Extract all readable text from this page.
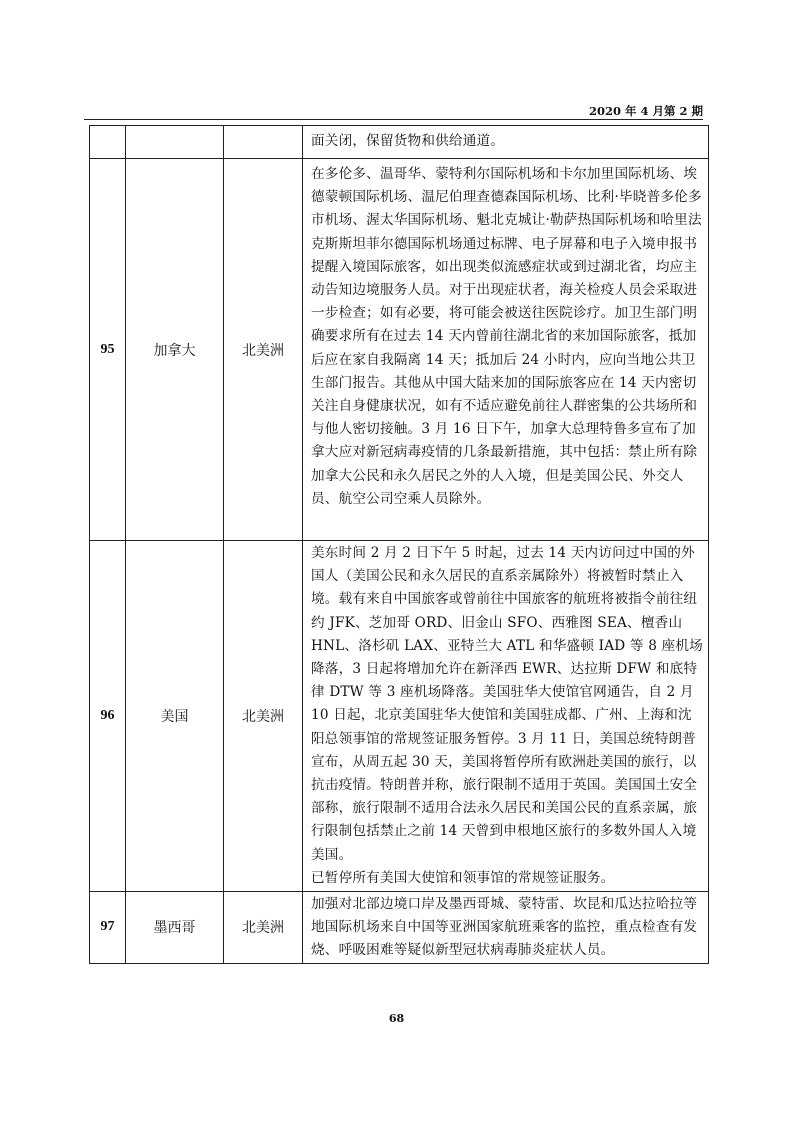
2020 年 4 月第 2 期

			面关闭，保留货物和供给通道。

95	加拿大	北美洲	在多伦多、温哥华、蒙特利尔国际机场和卡尔加里国际机场、埃德蒙顿国际机场、温尼伯理查德森国际机场、比利·毕晓普多伦多市机场、渥太华国际机场、魁北克城让·勒萨热国际机场和哈里法克斯斯坦菲尔德国际机场通过标牌、电子屏幕和电子入境申报书提醒入境国际旅客，如出现类似流感症状或到过湖北省，均应主动告知边境服务人员。对于出现症状者，海关检疫人员会采取进一步检查；如有必要，将可能会被送往医院诊疗。加卫生部门明确要求所有在过去 14 天内曾前往湖北省的来加国际旅客，抵加后应在家自我隔离 14 天；抵加后 24 小时内，应向当地公共卫生部门报告。其他从中国大陆来加的国际旅客应在 14 天内密切关注自身健康状况，如有不适应避免前往人群密集的公共场所和与他人密切接触。3 月 16 日下午，加拿大总理特鲁多宣布了加拿大应对新冠病毒疫情的几条最新措施，其中包括：禁止所有除加拿大公民和永久居民之外的人入境，但是美国公民、外交人员、航空公司空乘人员除外。

96	美国	北美洲	美东时间 2 月 2 日下午 5 时起，过去 14 天内访问过中国的外国人（美国公民和永久居民的直系亲属除外）将被暂时禁止入境。载有来自中国旅客或曾前往中国旅客的航班将被指令前往纽约 JFK、芝加哥 ORD、旧金山 SFO、西雅图 SEA、檀香山 HNL、洛杉矶 LAX、亚特兰大 ATL 和华盛顿 IAD 等 8 座机场降落，3 日起将增加允许在新泽西 EWR、达拉斯 DFW 和底特律 DTW 等 3 座机场降落。美国驻华大使馆官网通告，自 2 月 10 日起，北京美国驻华大使馆和美国驻成都、广州、上海和沈阳总领事馆的常规签证服务暂停。3 月 11 日，美国总统特朗普宣布，从周五起 30 天，美国将暂停所有欧洲赴美国的旅行，以抗击疫情。特朗普并称，旅行限制不适用于英国。美国国土安全部称，旅行限制不适用合法永久居民和美国公民的直系亲属，旅行限制包括禁止之前 14 天曾到申根地区旅行的多数外国人入境美国。

已暂停所有美国大使馆和领事馆的常规签证服务。

97	墨西哥	北美洲	加强对北部边境口岸及墨西哥城、蒙特雷、坎昆和瓜达拉哈拉等地国际机场来自中国等亚洲国家航班乘客的监控，重点检查有发烧、呼吸困难等疑似新型冠状病毒肺炎症状人员。

68
